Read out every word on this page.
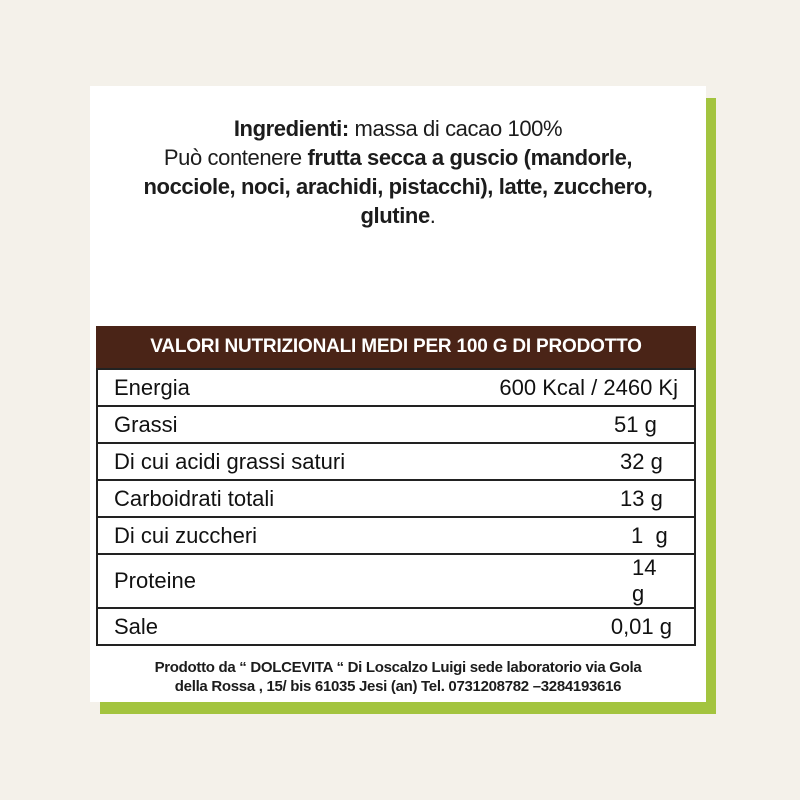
Ingredienti: massa di cacao 100%
Può contenere frutta secca a guscio (mandorle, nocciole, noci, arachidi, pistacchi), latte, zucchero, glutine.
VALORI NUTRIZIONALI MEDI PER 100 G DI PRODOTTO
Energia	600 Kcal / 2460 Kj
Grassi	51 g
Di cui acidi grassi saturi	32 g
Carboidrati totali	13 g
Di cui zuccheri	1  g
Proteine	14 g
Sale	0,01 g
Prodotto da “ DOLCEVITA “ Di Loscalzo Luigi sede laboratorio via Gola
della Rossa , 15/ bis 61035 Jesi (an) Tel. 0731208782 –3284193616
